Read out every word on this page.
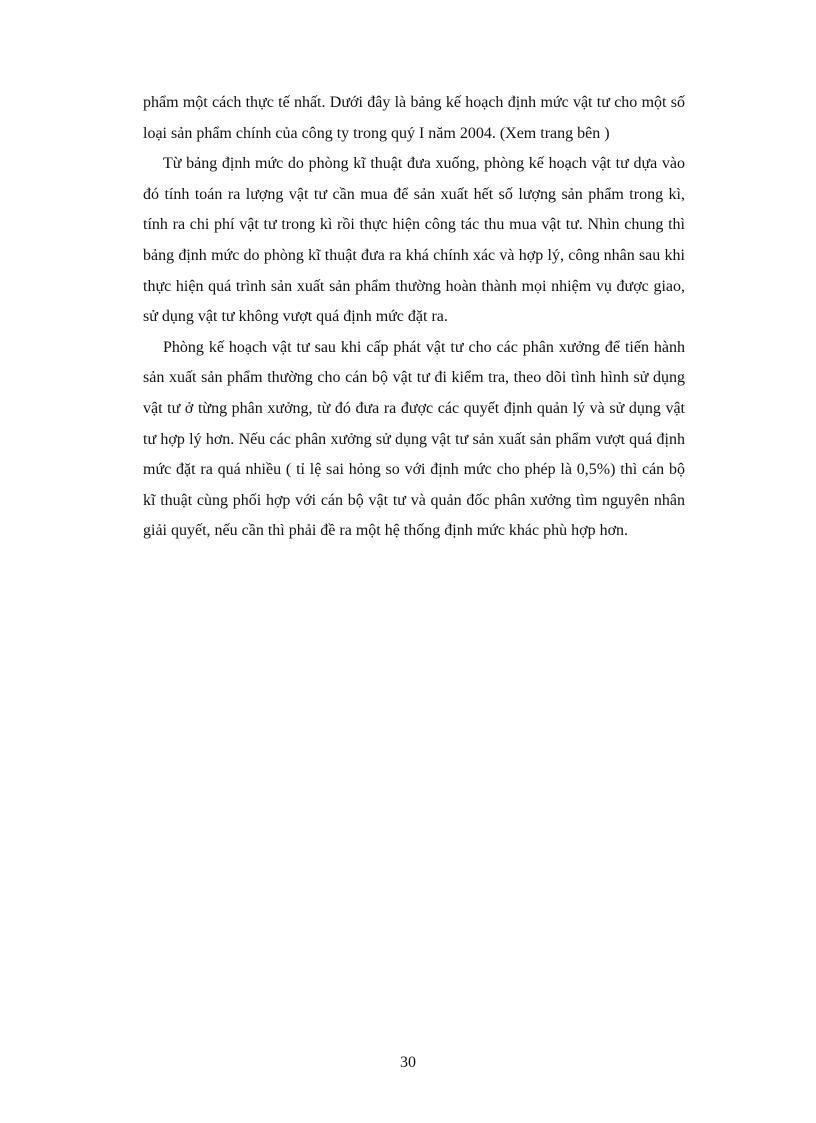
phẩm một cách thực tế nhất. Dưới đây là bảng kế hoạch định mức vật tư cho một số loại sản phẩm chính của công ty trong quý I năm 2004. (Xem trang bên )

Từ bảng định mức do phòng kĩ thuật đưa xuống, phòng kế hoạch vật tư dựa vào đó tính toán ra lượng vật tư cần mua để sản xuất hết số lượng sản phẩm trong kì, tính ra chi phí vật tư trong kì rồi thực hiện công tác thu mua vật tư. Nhìn chung thì bảng định mức do phòng kĩ thuật đưa ra khá chính xác và hợp lý, công nhân sau khi thực hiện quá trình sản xuất sản phẩm thường hoàn thành mọi nhiệm vụ được giao, sử dụng vật tư không vượt quá định mức đặt ra.

Phòng kế hoạch vật tư sau khi cấp phát vật tư cho các phân xưởng để tiến hành sản xuất sản phẩm thường cho cán bộ vật tư đi kiểm tra, theo dõi tình hình sử dụng vật tư ở từng phân xưởng, từ đó đưa ra được các quyết định quản lý và sử dụng vật tư hợp lý hơn. Nếu các phân xưởng sử dụng vật tư sản xuất sản phẩm vượt quá định mức đặt ra quá nhiều ( tỉ lệ sai hỏng so với định mức cho phép là 0,5%) thì cán bộ kĩ thuật cùng phối hợp với cán bộ vật tư và quản đốc phân xưởng tìm nguyên nhân giải quyết, nếu cần thì phải đề ra một hệ thống định mức khác phù hợp hơn.

30
